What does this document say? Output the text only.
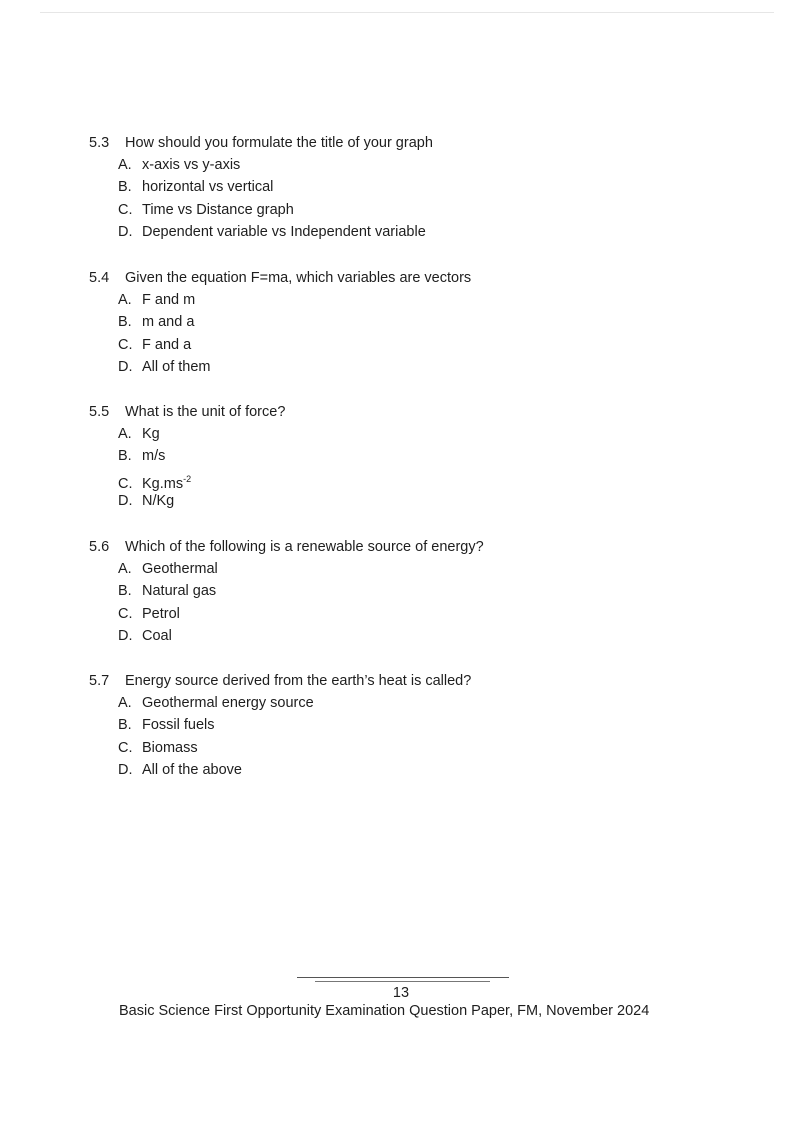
5.3 How should you formulate the title of your graph
A. x-axis vs y-axis
B. horizontal vs vertical
C. Time vs Distance graph
D. Dependent variable vs Independent variable
5.4 Given the equation F=ma, which variables are vectors
A. F and m
B. m and a
C. F and a
D. All of them
5.5 What is the unit of force?
A. Kg
B. m/s
C. $Kg.ms^{-2}$
D. N/Kg
5.6 Which of the following is a renewable source of energy?
A. Geothermal
B. Natural gas
C. Petrol
D. Coal
5.7 Energy source derived from the earth’s heat is called?
A. Geothermal energy source
B. Fossil fuels
C. Biomass
D. All of the above
13
Basic Science First Opportunity Examination Question Paper, FM, November 2024
